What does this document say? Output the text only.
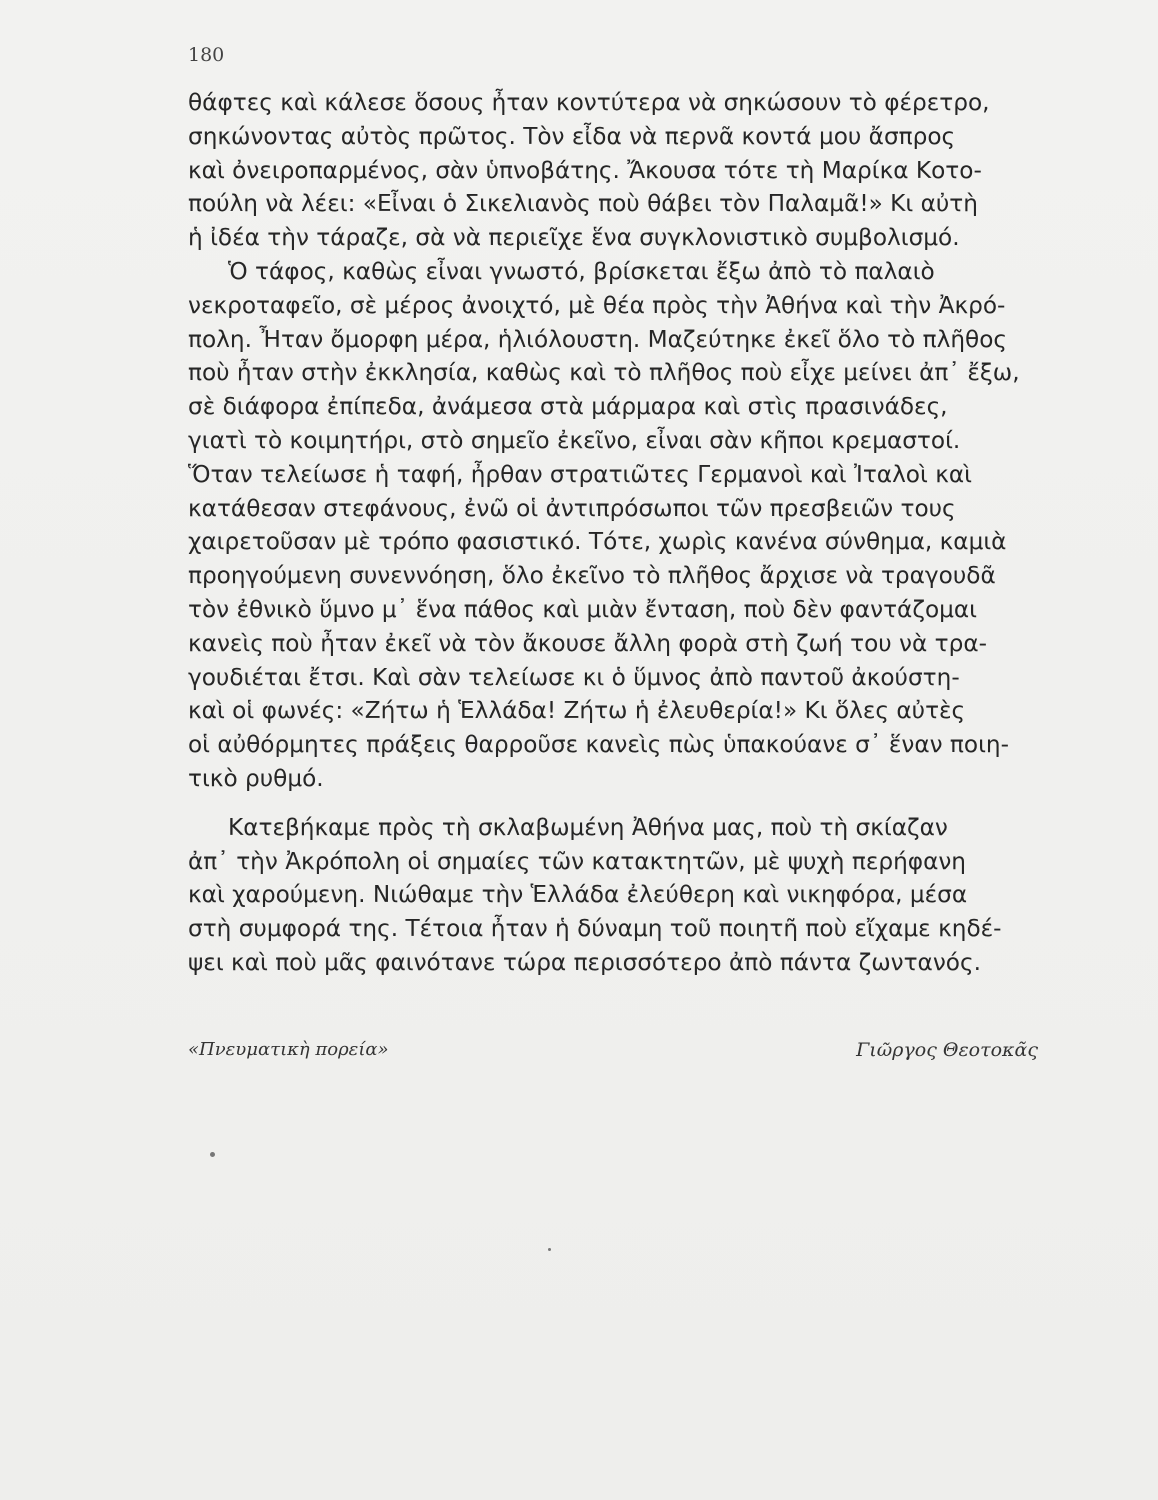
180
θάφτες καὶ κάλεσε ὅσους ἦταν κοντύτερα νὰ σηκώσουν τὸ φέρετρο,
σηκώνοντας αὐτὸς πρῶτος. Τὸν εἶδα νὰ περνᾶ κοντά μου ἄσπρος
καὶ ὀνειροπαρμένος, σὰν ὑπνοβάτης. Ἄκουσα τότε τὴ Μαρίκα Κοτο-
πούλη νὰ λέει: «Εἶναι ὁ Σικελιανὸς ποὺ θάβει τὸν Παλαμᾶ!» Κι αὐτὴ
ἡ ἰδέα τὴν τάραζε, σὰ νὰ περιεῖχε ἕνα συγκλονιστικὸ συμβολισμό.
Ὁ τάφος, καθὼς εἶναι γνωστό, βρίσκεται ἔξω ἀπὸ τὸ παλαιὸ
νεκροταφεῖο, σὲ μέρος ἀνοιχτό, μὲ θέα πρὸς τὴν Ἀθήνα καὶ τὴν Ἀκρό-
πολη. Ἦταν ὄμορφη μέρα, ἡλιόλουστη. Μαζεύτηκε ἐκεῖ ὅλο τὸ πλῆθος
ποὺ ἦταν στὴν ἐκκλησία, καθὼς καὶ τὸ πλῆθος ποὺ εἶχε μείνει ἀπ᾿ ἔξω,
σὲ διάφορα ἐπίπεδα, ἀνάμεσα στὰ μάρμαρα καὶ στὶς πρασινάδες,
γιατὶ τὸ κοιμητήρι, στὸ σημεῖο ἐκεῖνο, εἶναι σὰν κῆποι κρεμαστοί.
Ὅταν τελείωσε ἡ ταφή, ἦρθαν στρατιῶτες Γερμανοὶ καὶ Ἰταλοὶ καὶ
κατάθεσαν στεφάνους, ἐνῶ οἱ ἀντιπρόσωποι τῶν πρεσβειῶν τους
χαιρετοῦσαν μὲ τρόπο φασιστικό. Τότε, χωρὶς κανένα σύνθημα, καμιὰ
προηγούμενη συνεννόηση, ὅλο ἐκεῖνο τὸ πλῆθος ἄρχισε νὰ τραγουδᾶ
τὸν ἐθνικὸ ὕμνο μ᾿ ἕνα πάθος καὶ μιὰν ἔνταση, ποὺ δὲν φαντάζομαι
κανεὶς ποὺ ἦταν ἐκεῖ νὰ τὸν ἄκουσε ἄλλη φορὰ στὴ ζωή του νὰ τρα-
γουδιέται ἔτσι. Καὶ σὰν τελείωσε κι ὁ ὕμνος ἀπὸ παντοῦ ἀκούστη-
καὶ οἱ φωνές: «Ζήτω ἡ Ἑλλάδα! Ζήτω ἡ ἐλευθερία!» Κι ὅλες αὐτὲς
οἱ αὐθόρμητες πράξεις θαρροῦσε κανεὶς πὼς ὑπακούανε σ᾿ ἕναν ποιη-
τικὸ ρυθμό.
Κατεβήκαμε πρὸς τὴ σκλαβωμένη Ἀθήνα μας, ποὺ τὴ σκίαζαν
ἀπ᾿ τὴν Ἀκρόπολη οἱ σημαίες τῶν κατακτητῶν, μὲ ψυχὴ περήφανη
καὶ χαρούμενη. Νιώθαμε τὴν Ἑλλάδα ἐλεύθερη καὶ νικηφόρα, μέσα
στὴ συμφορά της. Τέτοια ἦταν ἡ δύναμη τοῦ ποιητῆ ποὺ εἴχαμε κηδέ-
ψει καὶ ποὺ μᾶς φαινότανε τώρα περισσότερο ἀπὸ πάντα ζωντανός.
«Πνευματικὴ πορεία»	Γιῶργος Θεοτοκᾶς
